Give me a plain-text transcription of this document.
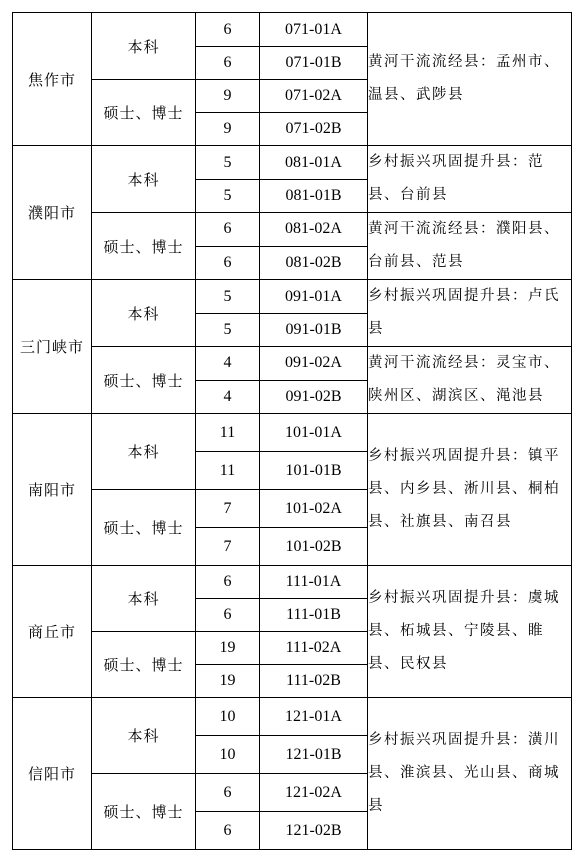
焦作市	本科	6	071-01A	黄河干流流经县：孟州市、温县、武陟县
		6	071-01B	
	硕士、博士	9	071-02A	
		9	071-02B	
濮阳市	本科	5	081-01A	乡村振兴巩固提升县：范县、台前县
		5	081-01B	
	硕士、博士	6	081-02A	黄河干流流经县：濮阳县、台前县、范县
		6	081-02B	
三门峡市	本科	5	091-01A	乡村振兴巩固提升县：卢氏县
		5	091-01B	
	硕士、博士	4	091-02A	黄河干流流经县：灵宝市、陕州区、湖滨区、渑池县
		4	091-02B	
南阳市	本科	11	101-01A	乡村振兴巩固提升县：镇平县、内乡县、淅川县、桐柏县、社旗县、南召县
		11	101-01B	
	硕士、博士	7	101-02A	
		7	101-02B	
商丘市	本科	6	111-01A	乡村振兴巩固提升县：虞城县、柘城县、宁陵县、睢县、民权县
		6	111-01B	
	硕士、博士	19	111-02A	
		19	111-02B	
信阳市	本科	10	121-01A	乡村振兴巩固提升县：潢川县、淮滨县、光山县、商城县
		10	121-01B	
	硕士、博士	6	121-02A	
		6	121-02B	
